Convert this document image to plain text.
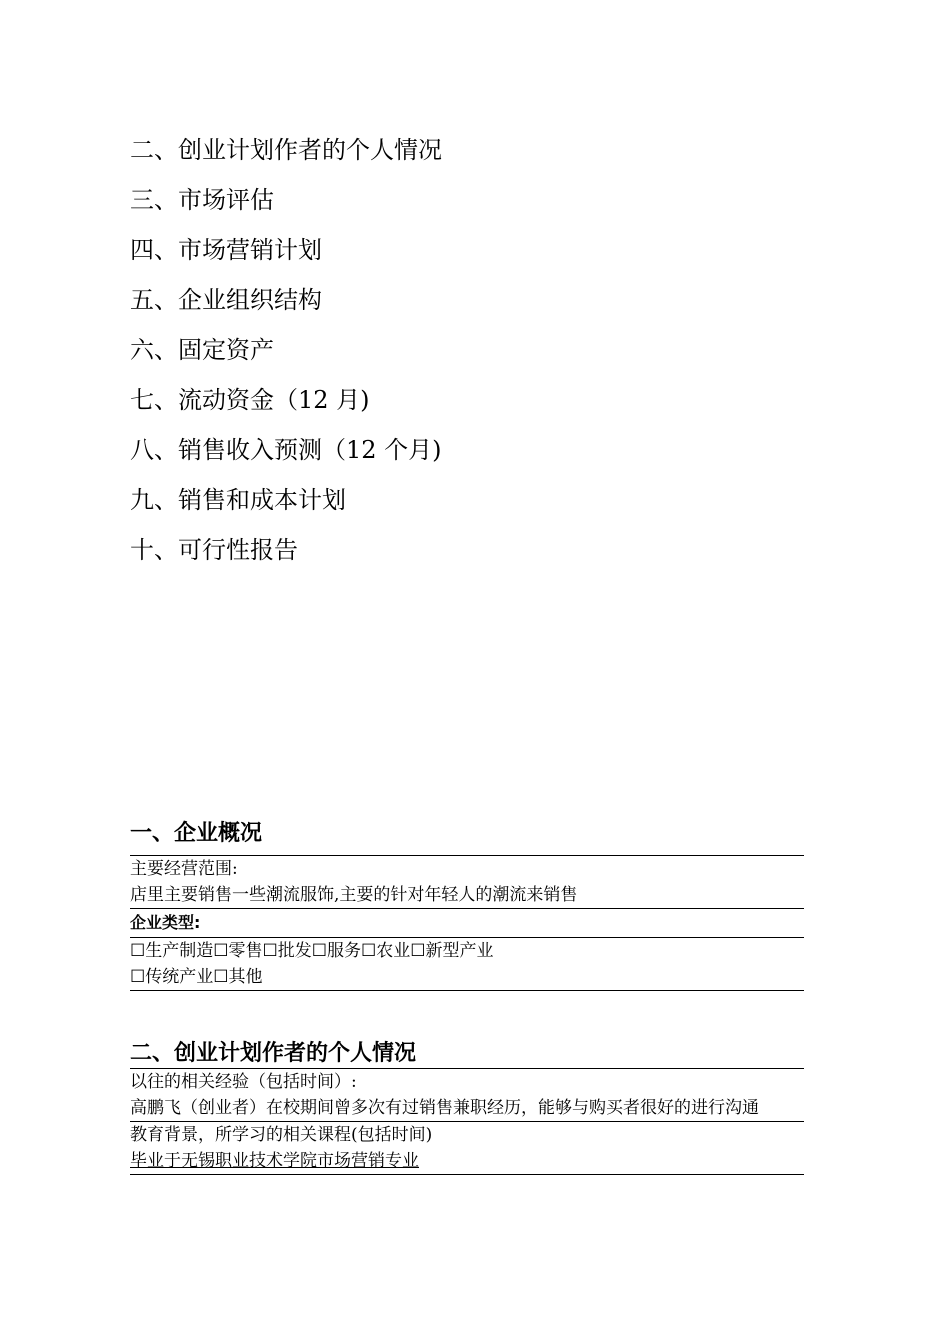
二、创业计划作者的个人情况
三、市场评估
四、市场营销计划
五、企业组织结构
六、固定资产
七、流动资金（12 月)
八、销售收入预测（12 个月)
九、销售和成本计划
十、可行性报告
一、企业概况
主要经营范围:
店里主要销售一些潮流服饰,主要的针对年轻人的潮流来销售
企业类型:
☐生产制造☐零售☐批发☐服务☐农业☐新型产业
☐传统产业☐其他
二、创业计划作者的个人情况
以往的相关经验（包括时间）:
高鹏飞（创业者）在校期间曾多次有过销售兼职经历，能够与购买者很好的进行沟通
教育背景，所学习的相关课程(包括时间)
毕业于无锡职业技术学院市场营销专业
